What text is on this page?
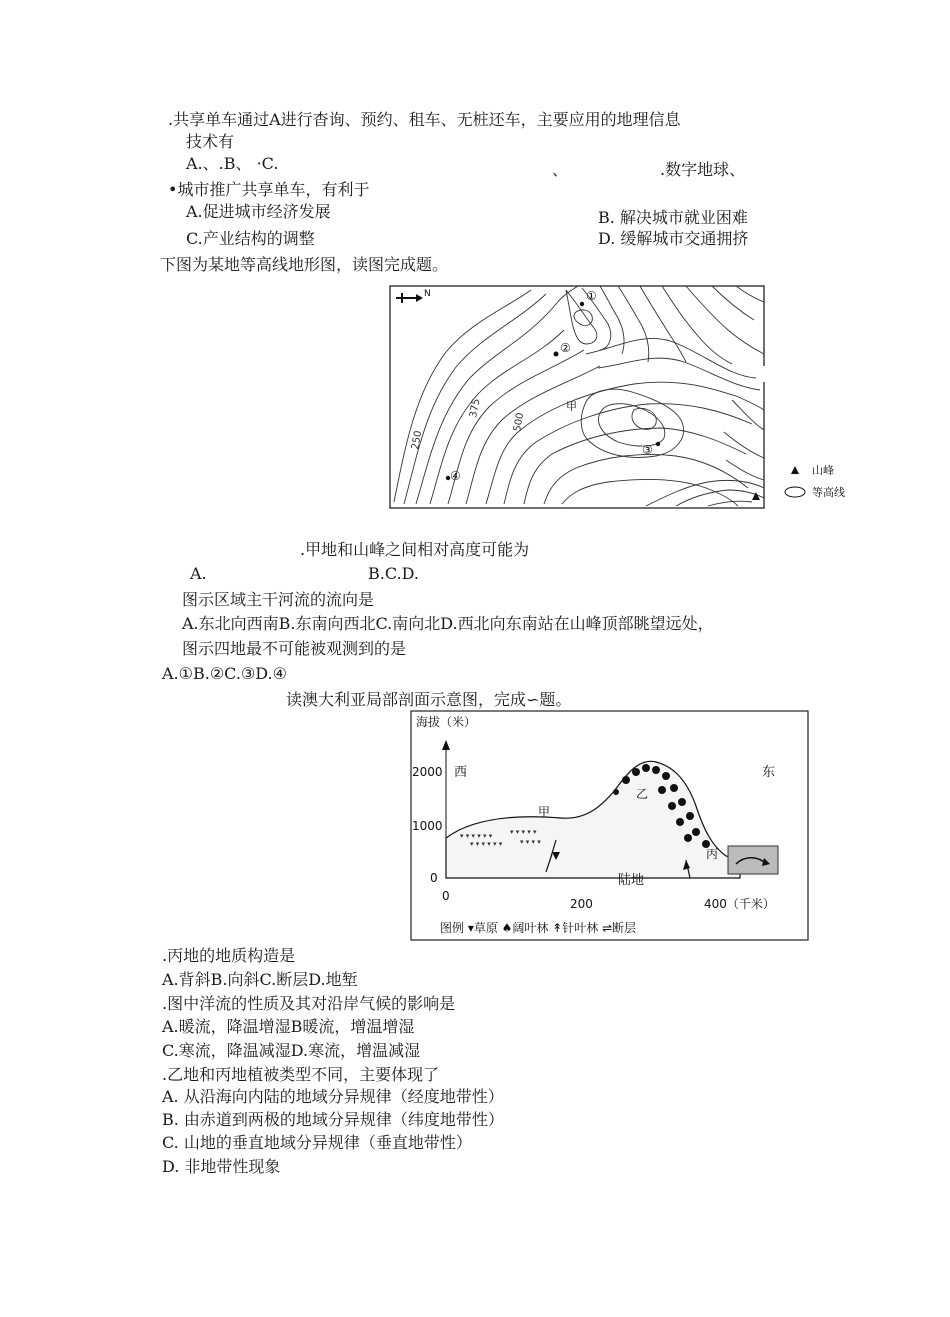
.共享单车通过A进行杳询、预约、租车、无桩还车，主要应用的地理信息
技术有
A.、.B、 ·C.	、	.数字地球、
•城市推广共享单车，有利于
A.促进城市经济发展	B. 解决城市就业困难
C.产业结构的调整	D. 缓解城市交通拥挤
下图为某地等高线地形图，读图完成题。
N	①
②
③
④
甲
375
250
500
山峰
等高线
.甲地和山峰之间相对高度可能为
A.	B.C.D.
图示区域主干河流的流向是
A.东北向西南B.东南向西北C.南向北D.西北向东南站在山峰顶部眺望远处，
图示四地最不可能被观测到的是
A.①B.②C.③D.④
读澳大利亚局部剖面示意图，完成∽题。
海拔（米）
2000
1000
0
0
200	400（千米）
▾ ▾ ▾ ▾ ▾ ▾	▾ ▾ ▾ ▾ ▾
▾ ▾ ▾ ▾ ▾ ▾	▾ ▾ ▾ ▾
西	东
甲
乙
丙
陆地
图例 ▾草原 ♠阔叶林 ↟针叶林 ⇌断层
.丙地的地质构造是
A.背斜B.向斜C.断层D.地堑
.图中洋流的性质及其对沿岸气候的影响是
A.暖流，降温增湿B暖流，增温增湿
C.寒流，降温减湿D.寒流，增温减湿
.乙地和丙地植被类型不同，主要体现了
A. 从沿海向内陆的地域分异规律（经度地带性）
B. 由赤道到两极的地域分异规律（纬度地带性）
C. 山地的垂直地域分异规律（垂直地带性）
D. 非地带性现象
